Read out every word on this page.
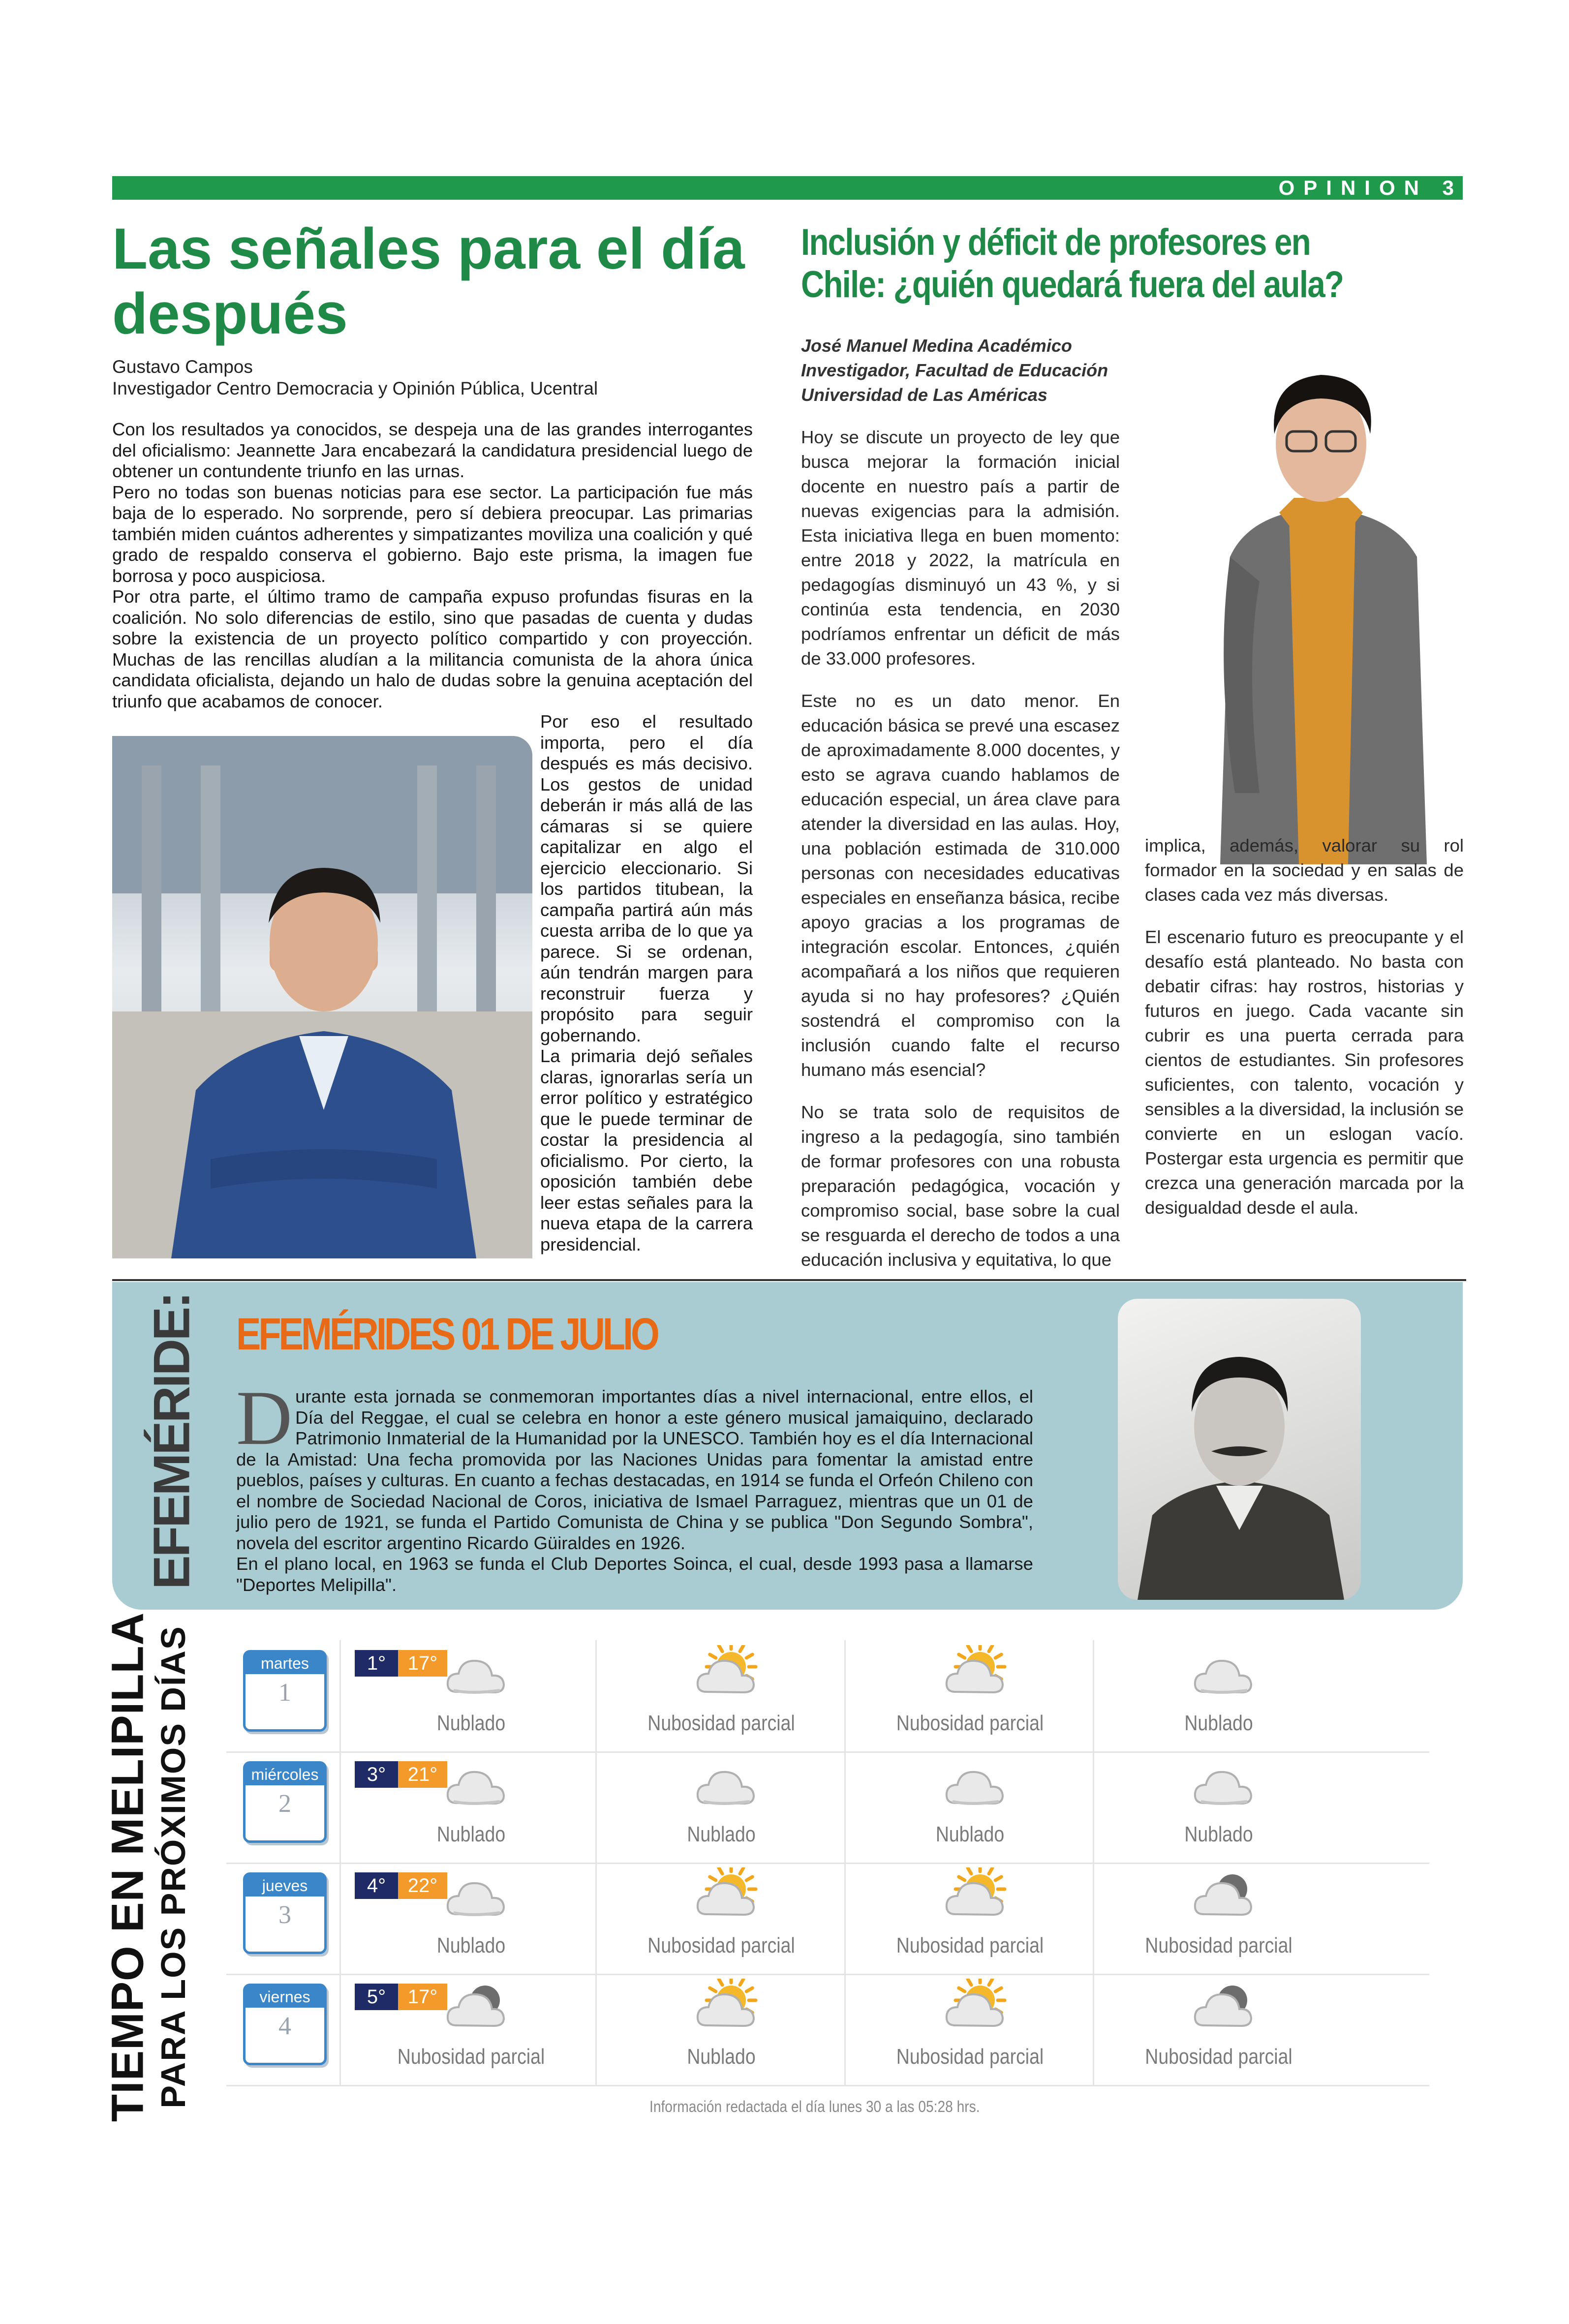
OPINION 3
Las señales para el día después
Gustavo Campos
Investigador Centro Democracia y Opinión Pública, Ucentral

Con los resultados ya conocidos, se despeja una de las grandes interrogantes del oficialismo: Jeannette Jara encabezará la candidatura presidencial luego de obtener un contundente triunfo en las urnas.

Pero no todas son buenas noticias para ese sector. La participación fue más baja de lo esperado. No sorprende, pero sí debiera preocupar. Las primarias también miden cuántos adherentes y simpatizantes moviliza una coalición y qué grado de respaldo conserva el gobierno. Bajo este prisma, la imagen fue borrosa y poco auspiciosa.

Por otra parte, el último tramo de campaña expuso profundas fisuras en la coalición. No solo diferencias de estilo, sino que pasadas de cuenta y dudas sobre la existencia de un proyecto político compartido y con proyección. Muchas de las rencillas aludían a la militancia comunista de la ahora única candidata oficialista, dejando un halo de dudas sobre la genuina aceptación del triunfo que acabamos de conocer.

Por eso el resultado importa, pero el día después es más decisivo. Los gestos de unidad deberán ir más allá de las cámaras si se quiere capitalizar en algo el ejercicio eleccionario. Si los partidos titubean, la campaña partirá aún más cuesta arriba de lo que ya parece. Si se ordenan, aún tendrán margen para reconstruir fuerza y propósito para seguir gobernando.

La primaria dejó señales claras, ignorarlas sería un error político y estratégico que le puede terminar de costar la presidencia al oficialismo. Por cierto, la oposición también debe leer estas señales para la nueva etapa de la carrera presidencial.

Inclusión y déficit de profesores en Chile: ¿quién quedará fuera del aula?
José Manuel Medina Académico
Investigador, Facultad de Educación
Universidad de Las Américas

Hoy se discute un proyecto de ley que busca mejorar la formación inicial docente en nuestro país a partir de nuevas exigencias para la admisión. Esta iniciativa llega en buen momento: entre 2018 y 2022, la matrícula en pedagogías disminuyó un 43 %, y si continúa esta tendencia, en 2030 podríamos enfrentar un déficit de más de 33.000 profesores.

Este no es un dato menor. En educación básica se prevé una escasez de aproximadamente 8.000 docentes, y esto se agrava cuando hablamos de educación especial, un área clave para atender la diversidad en las aulas. Hoy, una población estimada de 310.000 personas con necesidades educativas especiales en enseñanza básica, recibe apoyo gracias a los programas de integración escolar. Entonces, ¿quién acompañará a los niños que requieren ayuda si no hay profesores? ¿Quién sostendrá el compromiso con la inclusión cuando falte el recurso humano más esencial?

No se trata solo de requisitos de ingreso a la pedagogía, sino también de formar profesores con una robusta preparación pedagógica, vocación y compromiso social, base sobre la cual se resguarda el derecho de todos a una educación inclusiva y equitativa, lo que

implica, además, valorar su rol formador en la sociedad y en salas de clases cada vez más diversas.

El escenario futuro es preocupante y el desafío está planteado. No basta con debatir cifras: hay rostros, historias y futuros en juego. Cada vacante sin cubrir es una puerta cerrada para cientos de estudiantes. Sin profesores suficientes, con talento, vocación y sensibles a la diversidad, la inclusión se convierte en un eslogan vacío. Postergar esta urgencia es permitir que crezca una generación marcada por la desigualdad desde el aula.

EFEMÉRIDE: EFEMÉRIDES 01 DE JULIO

Durante esta jornada se conmemoran importantes días a nivel internacional, entre ellos, el Día del Reggae, el cual se celebra en honor a este género musical jamaiquino, declarado Patrimonio Inmaterial de la Humanidad por la UNESCO. También hoy es el día Internacional de la Amistad: Una fecha promovida por las Naciones Unidas para fomentar la amistad entre pueblos, países y culturas. En cuanto a fechas destacadas, en 1914 se funda el Orfeón Chileno con el nombre de Sociedad Nacional de Coros, iniciativa de Ismael Parraguez, mientras que un 01 de julio pero de 1921, se funda el Partido Comunista de China y se publica "Don Segundo Sombra", novela del escritor argentino Ricardo Güiraldes en 1926.

En el plano local, en 1963 se funda el Club Deportes Soinca, el cual, desde 1993 pasa a llamarse "Deportes Melipilla".

TIEMPO EN MELIPILLA PARA LOS PRÓXIMOS DÍAS	martes
1
1°	17°
Nublado	Nubosidad parcial	Nubosidad parcial	Nublado
miércoles
2
3°	21°
Nublado	Nublado	Nublado	Nublado
jueves
3
4°	22°
Nublado	Nubosidad parcial	Nubosidad parcial	Nubosidad parcial
viernes
4
5°	17°
Nubosidad parcial	Nublado	Nubosidad parcial	Nubosidad parcial
Información redactada el día lunes 30 a las 05:28 hrs.
